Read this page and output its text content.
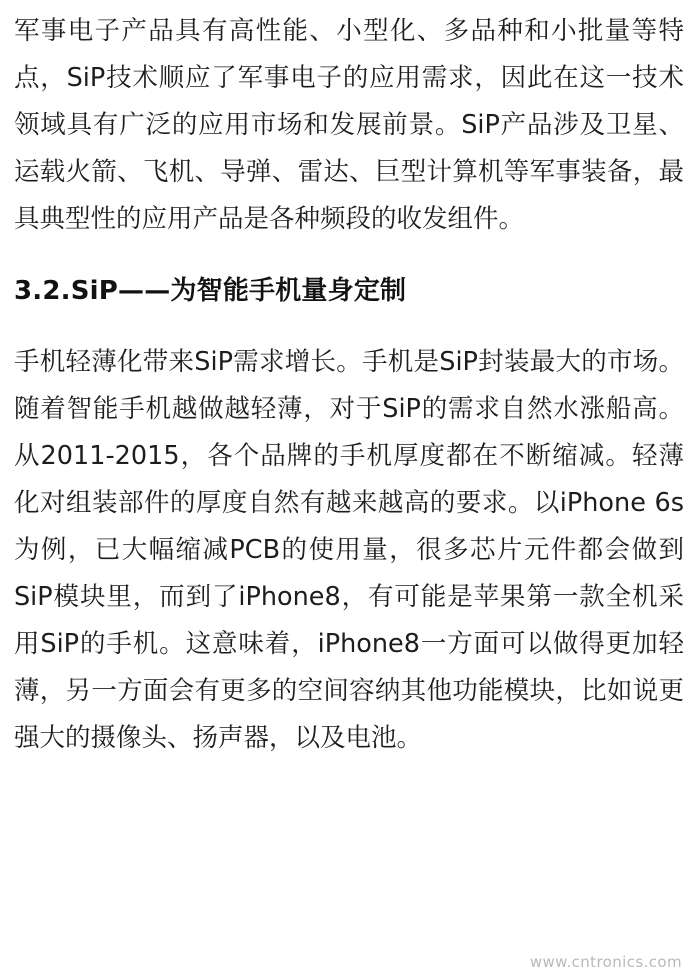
军事电子产品具有高性能、小型化、多品种和小批量等特点，SiP技术顺应了军事电子的应用需求，因此在这一技术领域具有广泛的应用市场和发展前景。SiP产品涉及卫星、运载火箭、飞机、导弹、雷达、巨型计算机等军事装备，最具典型性的应用产品是各种频段的收发组件。

3.2.SiP——为智能手机量身定制

手机轻薄化带来SiP需求增长。手机是SiP封装最大的市场。随着智能手机越做越轻薄，对于SiP的需求自然水涨船高。从2011-2015，各个品牌的手机厚度都在不断缩减。轻薄化对组装部件的厚度自然有越来越高的要求。以iPhone 6s为例，已大幅缩减PCB的使用量，很多芯片元件都会做到SiP模块里，而到了iPhone8，有可能是苹果第一款全机采用SiP的手机。这意味着，iPhone8一方面可以做得更加轻薄，另一方面会有更多的空间容纳其他功能模块，比如说更强大的摄像头、扬声器，以及电池。

www.cntronics.com
